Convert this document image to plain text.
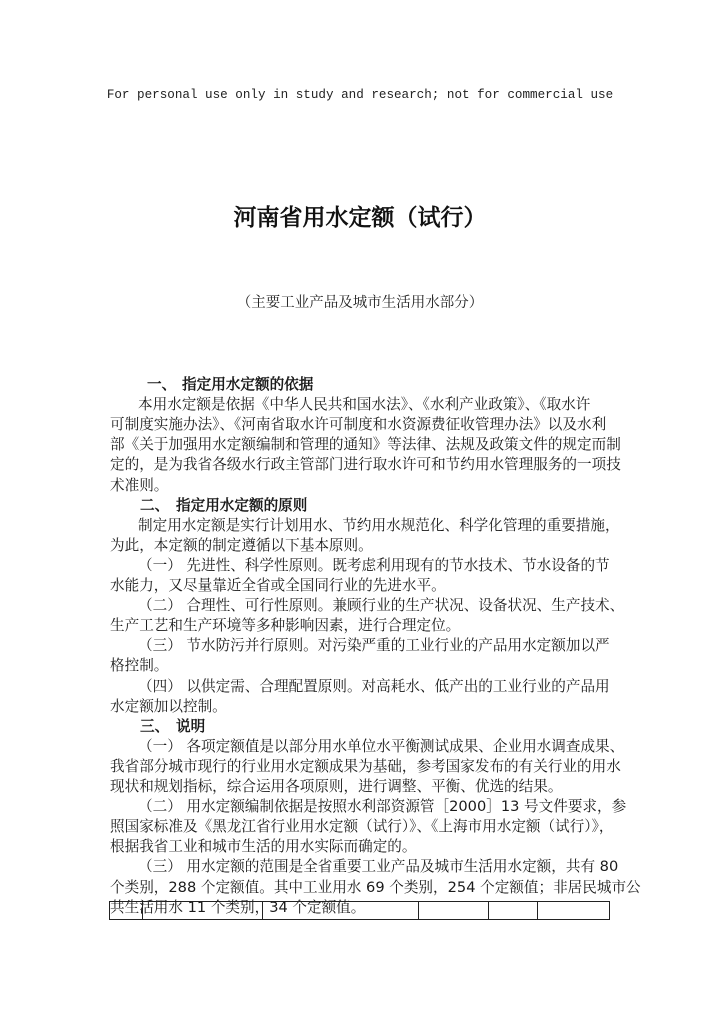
For personal use only in study and research; not for commercial use
河南省用水定额（试行）
（主要工业产品及城市生活用水部分）
一、 指定用水定额的依据
本用水定额是依据《中华人民共和国水法》、《水利产业政策》、《取水许
可制度实施办法》、《河南省取水许可制度和水资源费征收管理办法》以及水利
部《关于加强用水定额编制和管理的通知》等法律、法规及政策文件的规定而制
定的，是为我省各级水行政主管部门进行取水许可和节约用水管理服务的一项技
术准则。
二、 指定用水定额的原则
制定用水定额是实行计划用水、节约用水规范化、科学化管理的重要措施，
为此，本定额的制定遵循以下基本原则。
（一） 先进性、科学性原则。既考虑利用现有的节水技术、节水设备的节
水能力，又尽量靠近全省或全国同行业的先进水平。
（二） 合理性、可行性原则。兼顾行业的生产状况、设备状况、生产技术、
生产工艺和生产环境等多种影响因素，进行合理定位。
（三） 节水防污并行原则。对污染严重的工业行业的产品用水定额加以严
格控制。
（四） 以供定需、合理配置原则。对高耗水、低产出的工业行业的产品用
水定额加以控制。
三、 说明
（一） 各项定额值是以部分用水单位水平衡测试成果、企业用水调查成果、
我省部分城市现行的行业用水定额成果为基础，参考国家发布的有关行业的用水
现状和规划指标，综合运用各项原则，进行调整、平衡、优选的结果。
（二） 用水定额编制依据是按照水利部资源管［2000］13 号文件要求，参
照国家标准及《黑龙江省行业用水定额（试行）》、《上海市用水定额（试行）》，
根据我省工业和城市生活的用水实际而确定的。
（三） 用水定额的范围是全省重要工业产品及城市生活用水定额，共有 80
个类别，288 个定额值。其中工业用水 69 个类别，254 个定额值；非居民城市公
共生活用水 11 个类别，34 个定额值。
